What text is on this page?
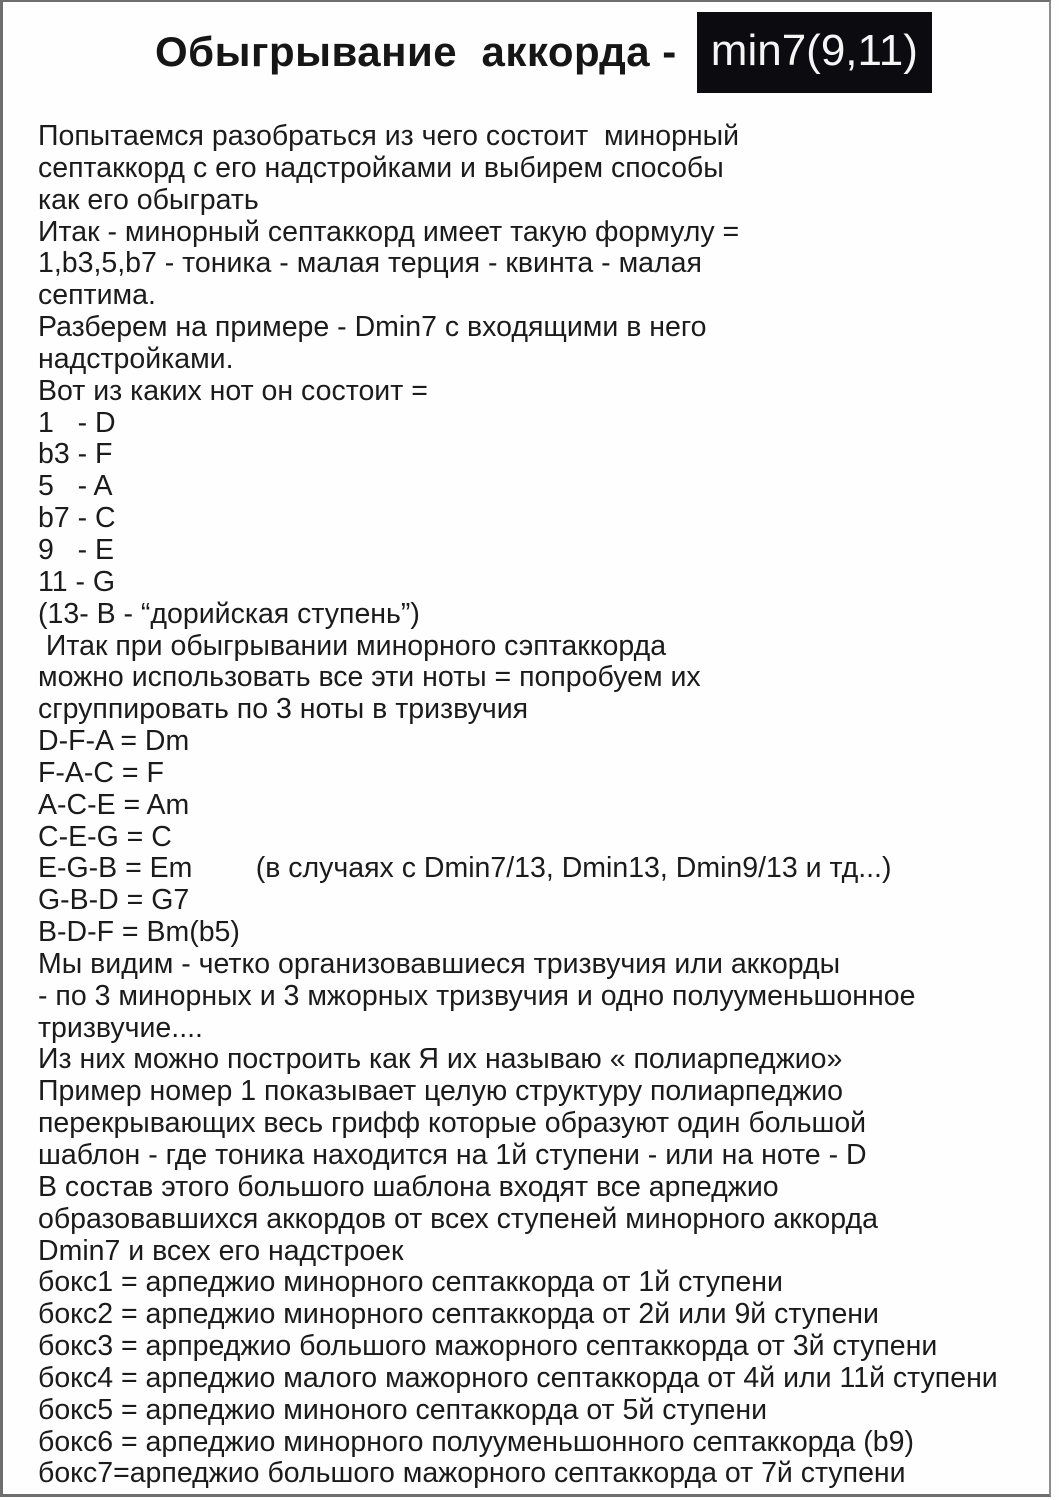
Обыгрывание  аккорда - min7(9,11)
Попытаемся разобраться из чего состоит  минорный
септаккорд с его надстройками и выбирем способы
как его обыграть
Итак - минорный септаккорд имеет такую формулу =
1,b3,5,b7 - тоника - малая терция - квинта - малая
септима.
Разберем на примере - Dmin7 с входящими в него
надстройками.
Вот из каких нот он состоит =
1   - D
b3 - F
5   - A
b7 - C
9   - E
11 - G
(13- B - “дорийская ступень”)
Итак при обыгрывании минорного сэптаккорда
можно использовать все эти ноты = попробуем их
сгруппировать по 3 ноты в тризвучия
D-F-A = Dm
F-A-C = F
A-C-E = Am
C-E-G = C
E-G-B = Em        (в случаях с Dmin7/13, Dmin13, Dmin9/13 и тд...)
G-B-D = G7
B-D-F = Bm(b5)
Мы видим - четко организовавшиеся тризвучия или аккорды
- по 3 минорных и 3 мжорных тризвучия и одно полууменьшонное
тризвучие....
Из них можно построить как Я их называю « полиарпеджио»
Пример номер 1 показывает целую структуру полиарпеджио
перекрывающих весь грифф которые образуют один большой
шаблон - где тоника находится на 1й ступени - или на ноте - D
В состав этого большого шаблона входят все арпеджио
образовавшихся аккордов от всех ступеней минорного аккорда
Dmin7 и всех его надстроек
бокс1 = арпеджио минорного септаккорда от 1й ступени
бокс2 = арпеджио минорного септаккорда от 2й или 9й ступени
бокс3 = арпреджио большого мажорного септаккорда от 3й ступени
бокс4 = арпеджио малого мажорного септаккорда от 4й или 11й ступени
бокс5 = арпеджио миноного септаккорда от 5й ступени
бокс6 = арпеджио минорного полууменьшонного септаккорда (b9)
бокс7=арпеджио большого мажорного септаккорда от 7й ступени
